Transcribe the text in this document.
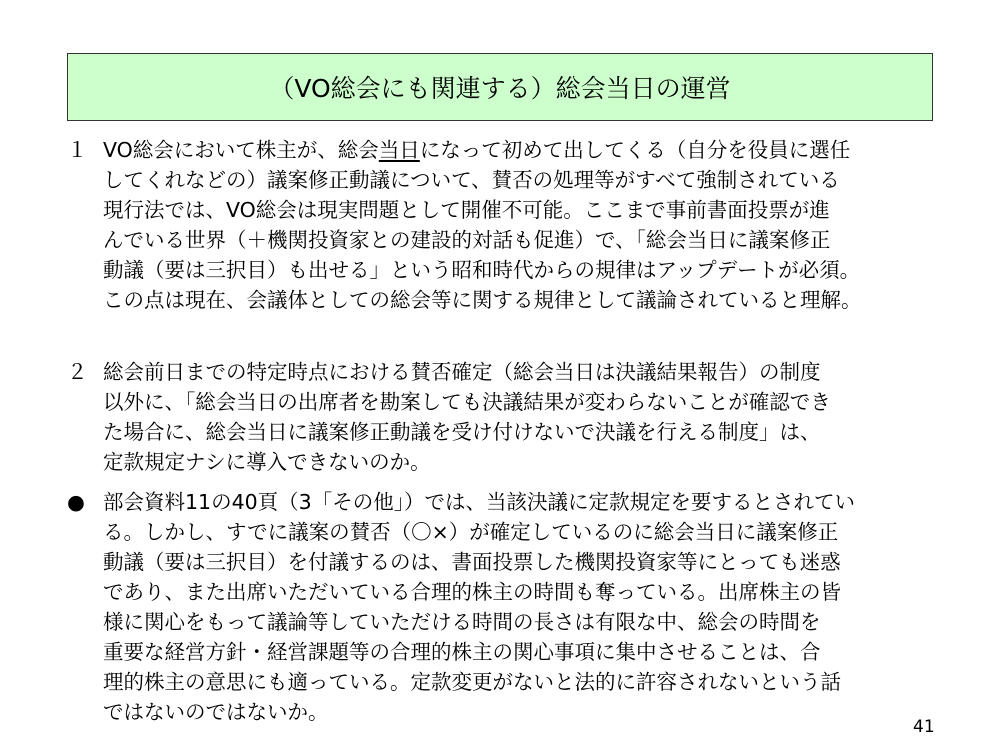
（VO総会にも関連する）総会当日の運営
１ VO総会において株主が、総会当日になって初めて出してくる（自分を役員に選任
してくれなどの）議案修正動議について、賛否の処理等がすべて強制されている
現行法では、VO総会は現実問題として開催不可能。ここまで事前書面投票が進
んでいる世界（＋機関投資家との建設的対話も促進）で、「総会当日に議案修正
動議（要は三択目）も出せる」という昭和時代からの規律はアップデートが必須。
この点は現在、会議体としての総会等に関する規律として議論されていると理解。
２ 総会前日までの特定時点における賛否確定（総会当日は決議結果報告）の制度
以外に、「総会当日の出席者を勘案しても決議結果が変わらないことが確認でき
た場合に、総会当日に議案修正動議を受け付けないで決議を行える制度」は、
定款規定ナシに導入できないのか。
● 部会資料11の40頁（3「その他」）では、当該決議に定款規定を要するとされてい
る。しかし、すでに議案の賛否（〇×）が確定しているのに総会当日に議案修正
動議（要は三択目）を付議するのは、書面投票した機関投資家等にとっても迷惑
であり、また出席いただいている合理的株主の時間も奪っている。出席株主の皆
様に関心をもって議論等していただける時間の長さは有限な中、総会の時間を
重要な経営方針・経営課題等の合理的株主の関心事項に集中させることは、合
理的株主の意思にも適っている。定款変更がないと法的に許容されないという話
ではないのではないか。
41
